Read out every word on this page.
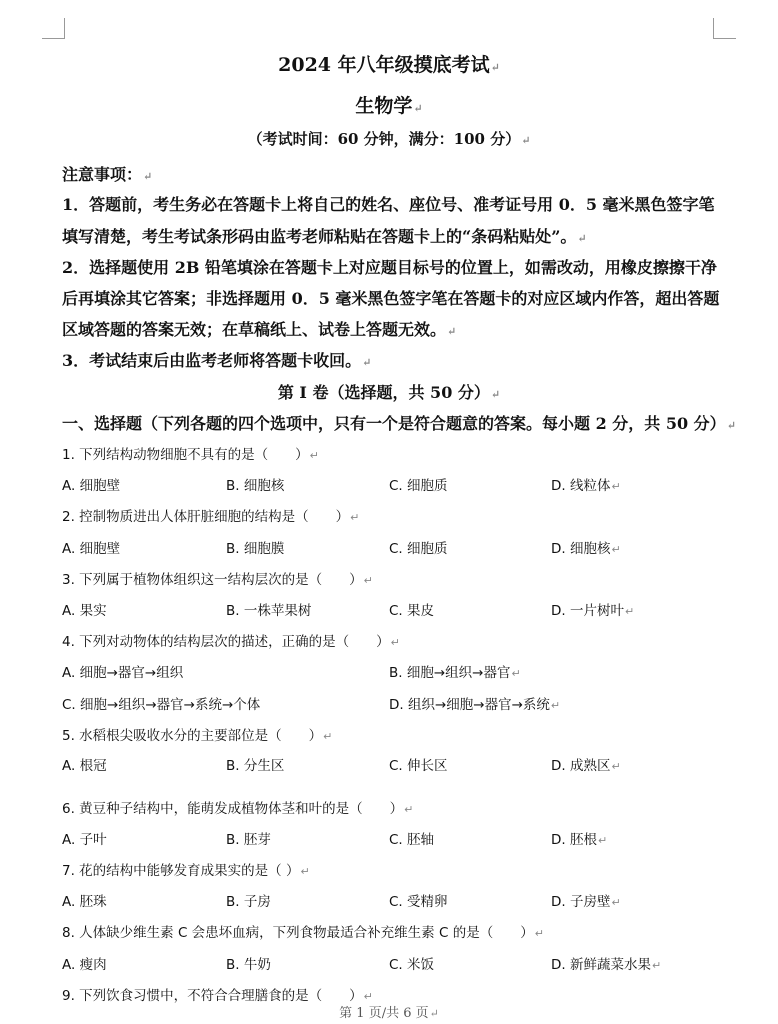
2024 年八年级摸底考试↵
生物学↵
（考试时间：60 分钟，满分：100 分）↵
注意事项：↵
1．答题前，考生务必在答题卡上将自己的姓名、座位号、准考证号用 0．5 毫米黑色签字笔
填写清楚，考生考试条形码由监考老师粘贴在答题卡上的“条码粘贴处”。↵
2．选择题使用 2B 铅笔填涂在答题卡上对应题目标号的位置上，如需改动，用橡皮擦擦干净
后再填涂其它答案；非选择题用 0．5 毫米黑色签字笔在答题卡的对应区域内作答，超出答题
区域答题的答案无效；在草稿纸上、试卷上答题无效。↵
3．考试结束后由监考老师将答题卡收回。↵
第 I 卷（选择题，共 50 分）↵
一、选择题（下列各题的四个选项中，只有一个是符合题意的答案。每小题 2 分，共 50 分）↵
1. 下列结构动物细胞不具有的是（　　）↵
A. 细胞壁	B. 细胞核	C. 细胞质	D. 线粒体↵
2. 控制物质进出人体肝脏细胞的结构是（　　）↵
A. 细胞壁	B. 细胞膜	C. 细胞质	D. 细胞核↵
3. 下列属于植物体组织这一结构层次的是（　　）↵
A. 果实	B. 一株苹果树	C. 果皮	D. 一片树叶↵
4. 下列对动物体的结构层次的描述，正确的是（　　）↵
A. 细胞→器官→组织	B. 细胞→组织→器官↵
C. 细胞→组织→器官→系统→个体	D. 组织→细胞→器官→系统↵
5. 水稻根尖吸收水分的主要部位是（　　）↵
A. 根冠	B. 分生区	C. 伸长区	D. 成熟区↵
6. 黄豆种子结构中，能萌发成植物体茎和叶的是（　　）↵
A. 子叶	B. 胚芽	C. 胚轴	D. 胚根↵
7. 花的结构中能够发育成果实的是（ ）↵
A. 胚珠	B. 子房	C. 受精卵	D. 子房壁↵
8. 人体缺少维生素 C 会患坏血病，下列食物最适合补充维生素 C 的是（　　）↵
A. 瘦肉	B. 牛奶	C. 米饭	D. 新鲜蔬菜水果↵
9. 下列饮食习惯中，不符合合理膳食的是（　　）↵
第 1 页/共 6 页↵
